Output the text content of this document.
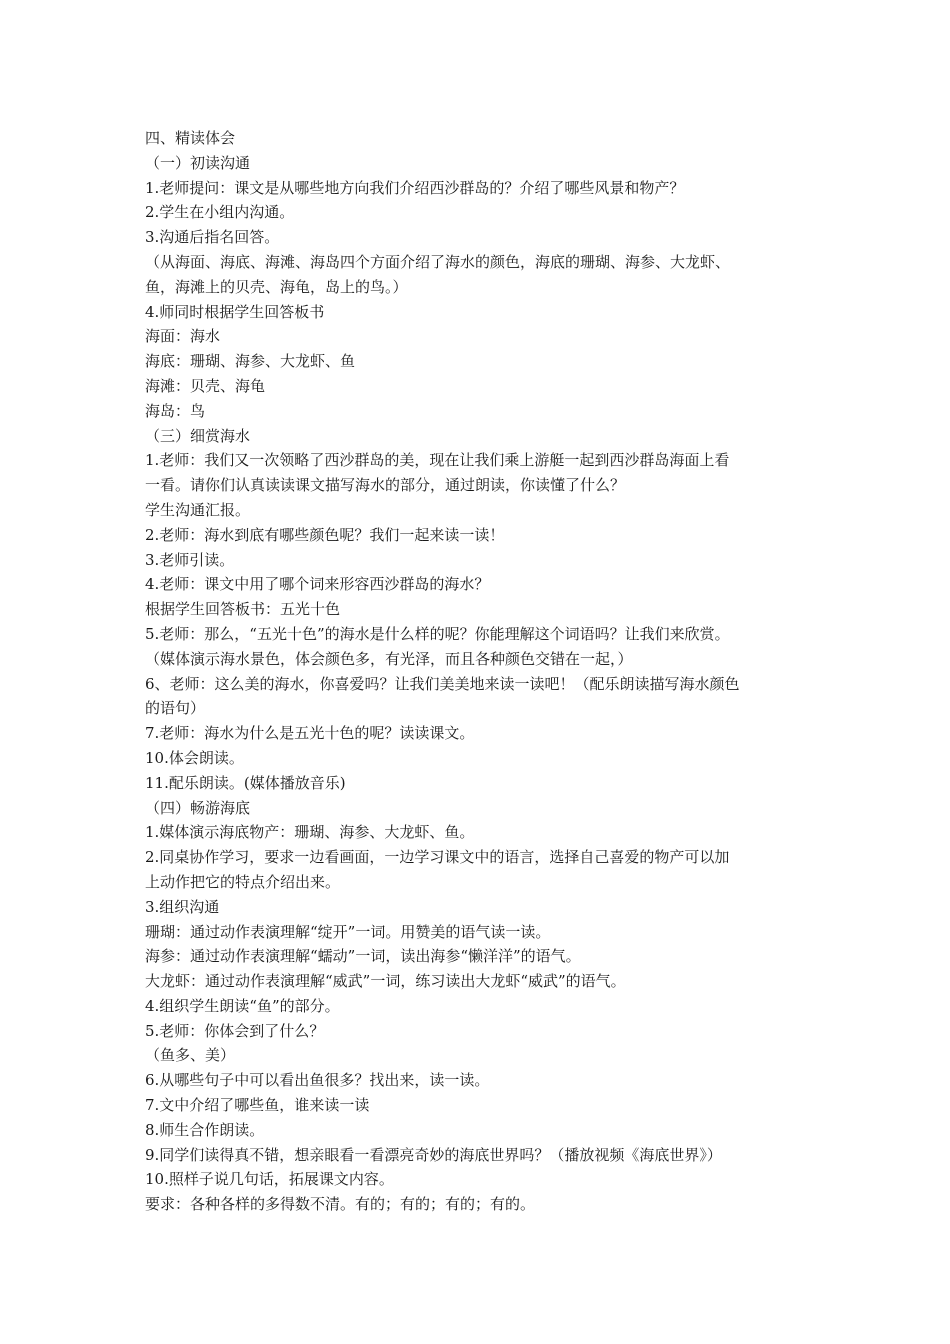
四、精读体会

（一）初读沟通

1.老师提问：课文是从哪些地方向我们介绍西沙群岛的？介绍了哪些风景和物产？

2.学生在小组内沟通。

3.沟通后指名回答。

（从海面、海底、海滩、海岛四个方面介绍了海水的颜色，海底的珊瑚、海参、大龙虾、

鱼，海滩上的贝壳、海龟，岛上的鸟。）

4.师同时根据学生回答板书

海面：海水

海底：珊瑚、海参、大龙虾、鱼

海滩：贝壳、海龟

海岛：鸟

（三）细赏海水

1.老师：我们又一次领略了西沙群岛的美，现在让我们乘上游艇一起到西沙群岛海面上看

一看。请你们认真读读课文描写海水的部分，通过朗读，你读懂了什么？

学生沟通汇报。

2.老师：海水到底有哪些颜色呢？我们一起来读一读！

3.老师引读。

4.老师：课文中用了哪个词来形容西沙群岛的海水？

根据学生回答板书：五光十色

5.老师：那么，“五光十色”的海水是什么样的呢？你能理解这个词语吗？让我们来欣赏。

（媒体演示海水景色，体会颜色多，有光泽，而且各种颜色交错在一起，）

6、老师：这么美的海水，你喜爱吗？让我们美美地来读一读吧！（配乐朗读描写海水颜色

的语句）

7.老师：海水为什么是五光十色的呢？读读课文。

10.体会朗读。

11.配乐朗读。(媒体播放音乐)

（四）畅游海底

1.媒体演示海底物产：珊瑚、海参、大龙虾、鱼。

2.同桌协作学习，要求一边看画面，一边学习课文中的语言，选择自己喜爱的物产可以加

上动作把它的特点介绍出来。

3.组织沟通

珊瑚：通过动作表演理解“绽开”一词。用赞美的语气读一读。

海参：通过动作表演理解“蠕动”一词，读出海参“懒洋洋”的语气。

大龙虾：通过动作表演理解“威武”一词，练习读出大龙虾“威武”的语气。

4.组织学生朗读“鱼”的部分。

5.老师：你体会到了什么？

（鱼多、美）

6.从哪些句子中可以看出鱼很多？找出来，读一读。

7.文中介绍了哪些鱼，谁来读一读

8.师生合作朗读。

9.同学们读得真不错，想亲眼看一看漂亮奇妙的海底世界吗？（播放视频《海底世界》）

10.照样子说几句话，拓展课文内容。

要求：各种各样的多得数不清。有的；有的；有的；有的。
